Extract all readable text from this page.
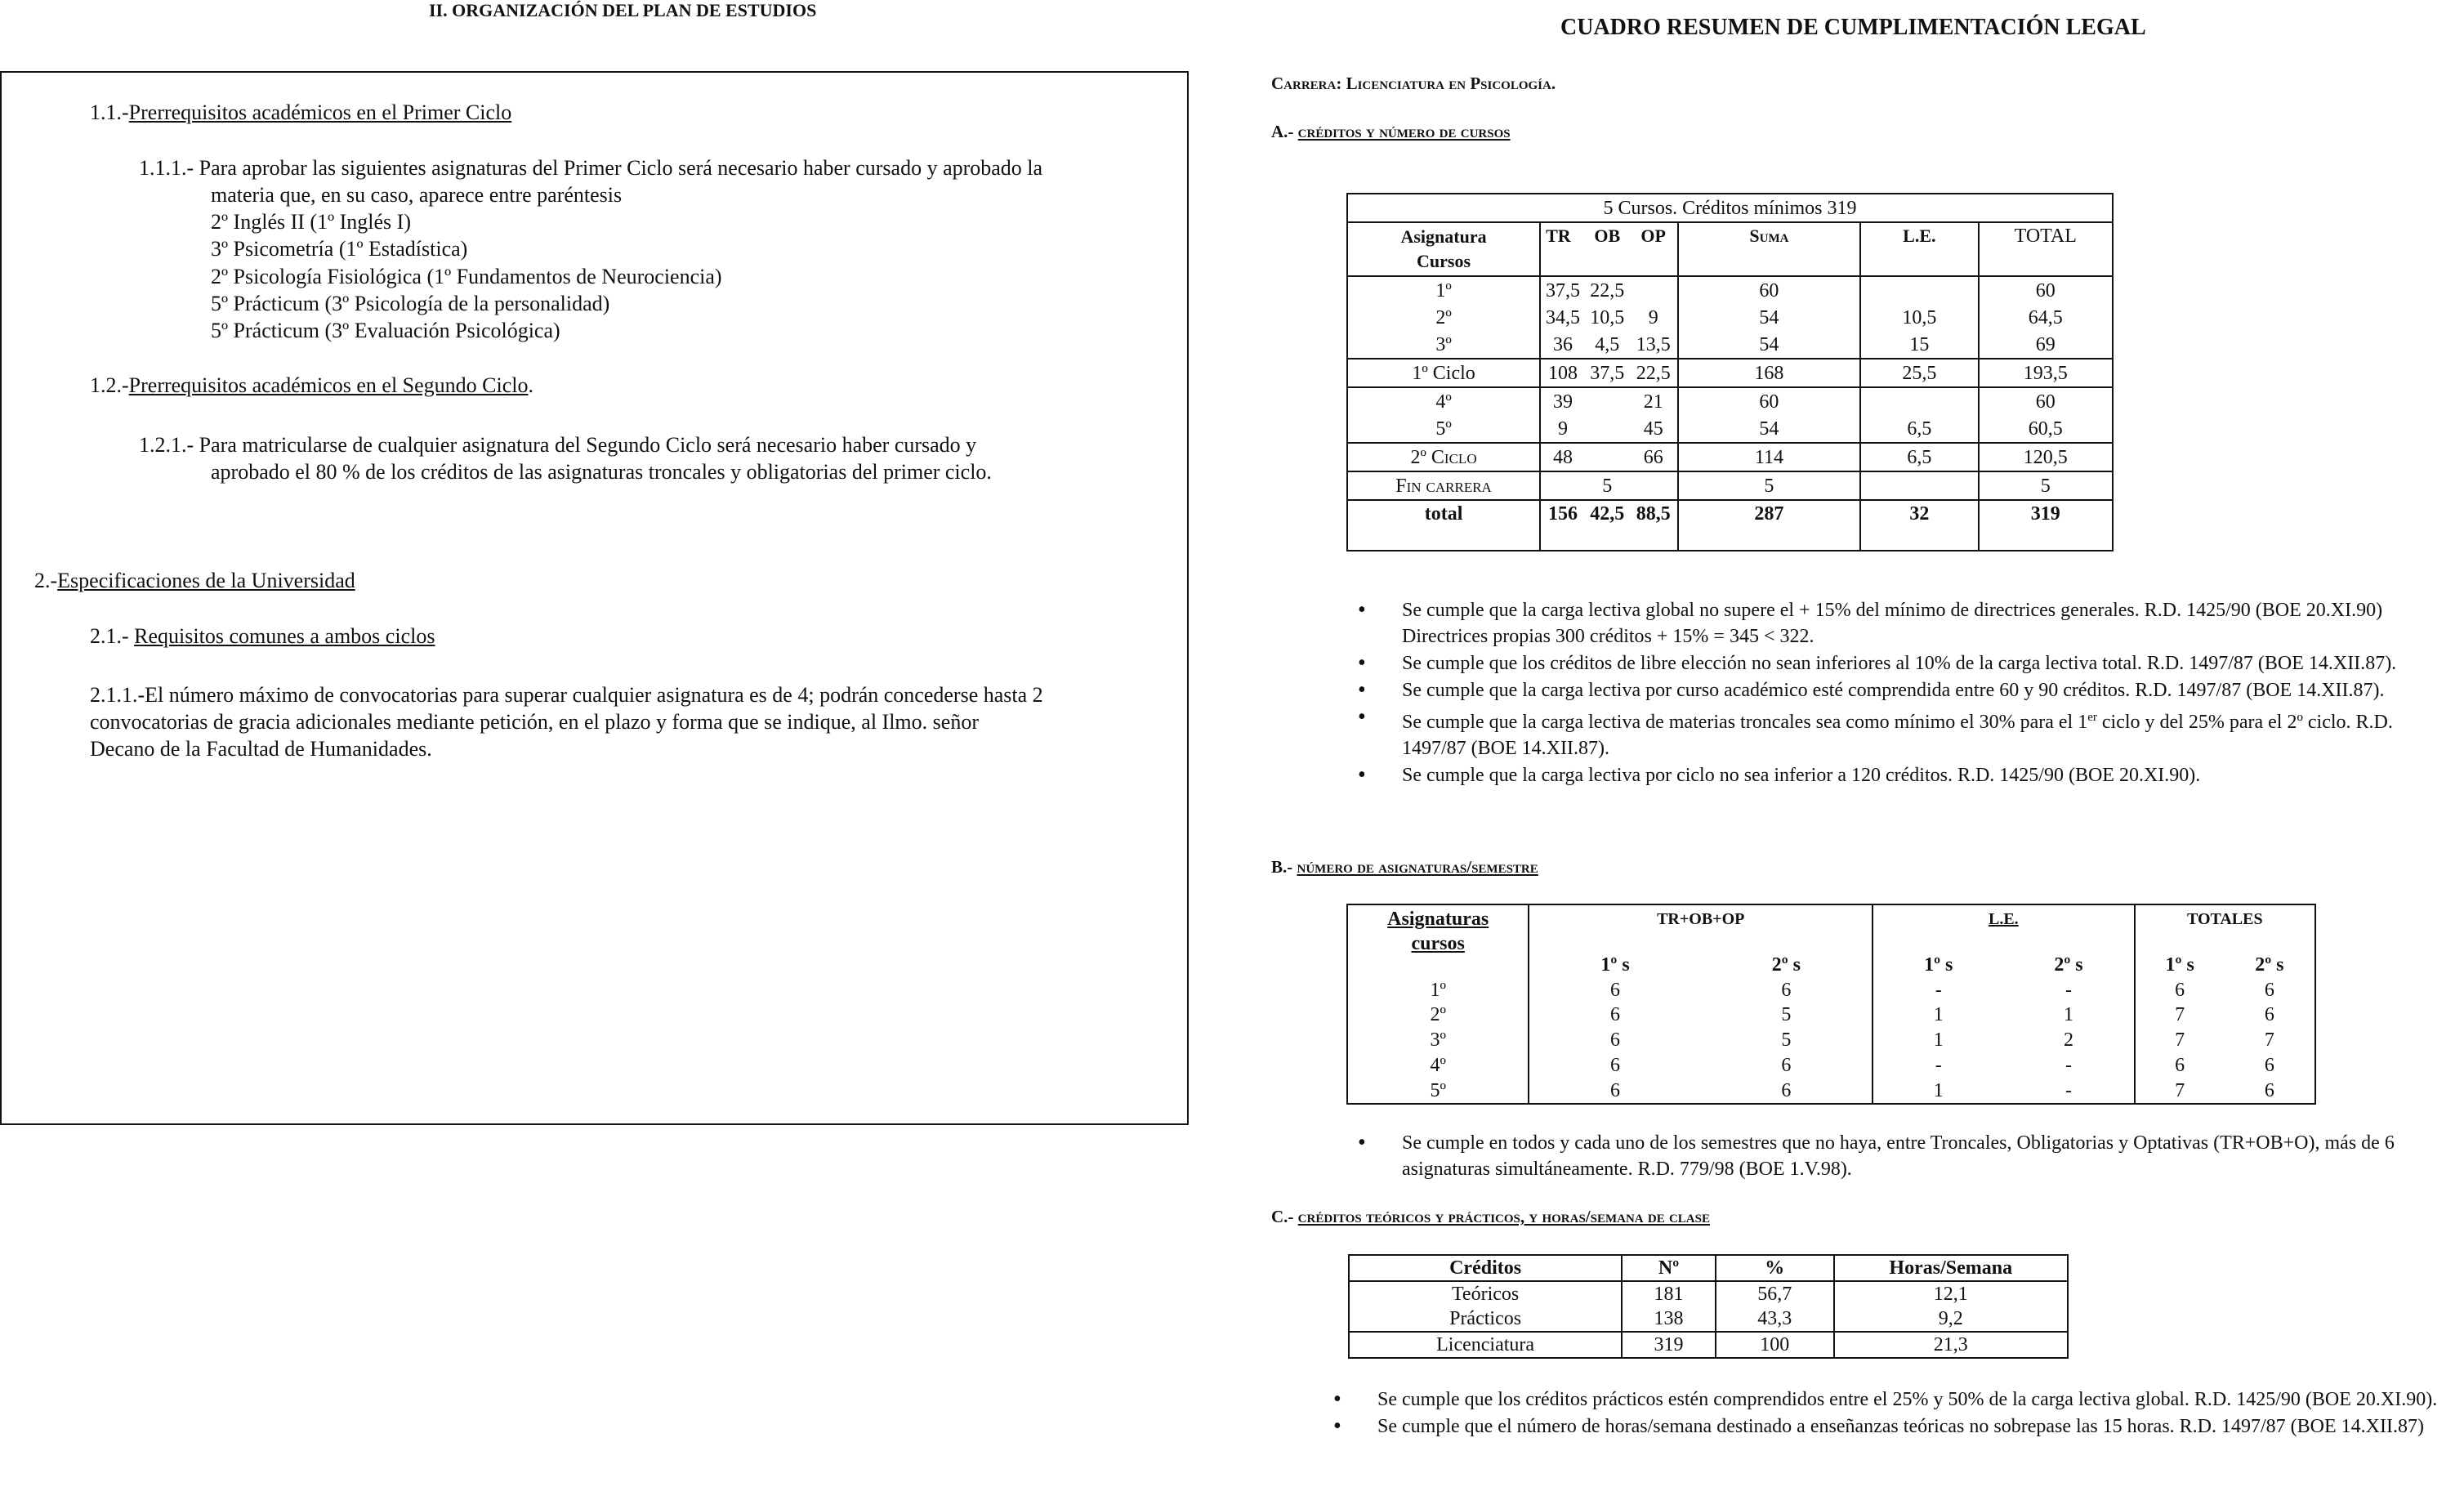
II. ORGANIZACIÓN DEL PLAN DE ESTUDIOS
1.1.-Prerrequisitos académicos en el Primer Ciclo
1.1.1.- Para aprobar las siguientes asignaturas del Primer Ciclo será necesario haber cursado y aprobado la
materia que, en su caso, aparece entre paréntesis
2º Inglés II (1º Inglés I)
3º Psicometría (1º Estadística)
2º Psicología Fisiológica (1º Fundamentos de Neurociencia)
5º Prácticum (3º Psicología de la personalidad)
5º Prácticum (3º Evaluación Psicológica)
1.2.-Prerrequisitos académicos en el Segundo Ciclo.
1.2.1.- Para matricularse de cualquier asignatura del Segundo Ciclo será necesario haber cursado y
aprobado el 80 % de los créditos de las asignaturas troncales y obligatorias del primer ciclo.
2.-Especificaciones de la Universidad
2.1.- Requisitos comunes a ambos ciclos
2.1.1.-El número máximo de convocatorias para superar cualquier asignatura es de 4; podrán concederse hasta 2
convocatorias de gracia adicionales mediante petición, en el plazo y forma que se indique, al Ilmo. señor
Decano de la Facultad de Humanidades.
CUADRO RESUMEN DE CUMPLIMENTACIÓN LEGAL
Carrera: Licenciatura en Psicología.
A.- créditos y número de cursos
5 Cursos. Créditos mínimos 319						
Asignatura
Cursos	TR	OB	OP	Suma	L.E.	TOTAL
1º	37,5	22,5		60		60
2º	34,5	10,5	9	54	10,5	64,5
3º	36	4,5	13,5	54	15	69
1º Ciclo	108	37,5	22,5	168	25,5	193,5
4º	39		21	60		60
5º	9		45	54	6,5	60,5
2º Ciclo	48		66	114	6,5	120,5
Fin carrera		5		5		5
total	156	42,5	88,5	287	32	319
• Se cumple que la carga lectiva global no supere el + 15% del mínimo de directrices generales. R.D. 1425/90 (BOE 20.XI.90) Directrices propias 300 créditos + 15% = 345 < 322.
• Se cumple que los créditos de libre elección no sean inferiores al 10% de la carga lectiva total. R.D. 1497/87 (BOE 14.XII.87).
• Se cumple que la carga lectiva por curso académico esté comprendida entre 60 y 90 créditos. R.D. 1497/87 (BOE 14.XII.87).
• Se cumple que la carga lectiva de materias troncales sea como mínimo el 30% para el 1er ciclo y del 25% para el 2º ciclo. R.D. 1497/87 (BOE 14.XII.87).
• Se cumple que la carga lectiva por ciclo no sea inferior a 120 créditos. R.D. 1425/90 (BOE 20.XI.90).
B.- número de asignaturas/semestre
Asignaturas
cursos	TR+OB+OP		L.E.		TOTALES	
	1º s	2º s	1º s	2º s	1º s	2º s
1º	6	6	-	-	6	6
2º	6	5	1	1	7	6
3º	6	5	1	2	7	7
4º	6	6	-	-	6	6
5º	6	6	1	-	7	6
• Se cumple en todos y cada uno de los semestres que no haya, entre Troncales, Obligatorias y Optativas (TR+OB+O), más de 6 asignaturas simultáneamente. R.D. 779/98 (BOE 1.V.98).
C.- créditos teóricos y prácticos, y horas/semana de clase
Créditos	Nº	%	Horas/Semana
Teóricos	181	56,7	12,1
Prácticos	138	43,3	9,2
Licenciatura	319	100	21,3
• Se cumple que los créditos prácticos estén comprendidos entre el 25% y 50% de la carga lectiva global. R.D. 1425/90 (BOE 20.XI.90).
• Se cumple que el número de horas/semana destinado a enseñanzas teóricas no sobrepase las 15 horas. R.D. 1497/87 (BOE 14.XII.87)
